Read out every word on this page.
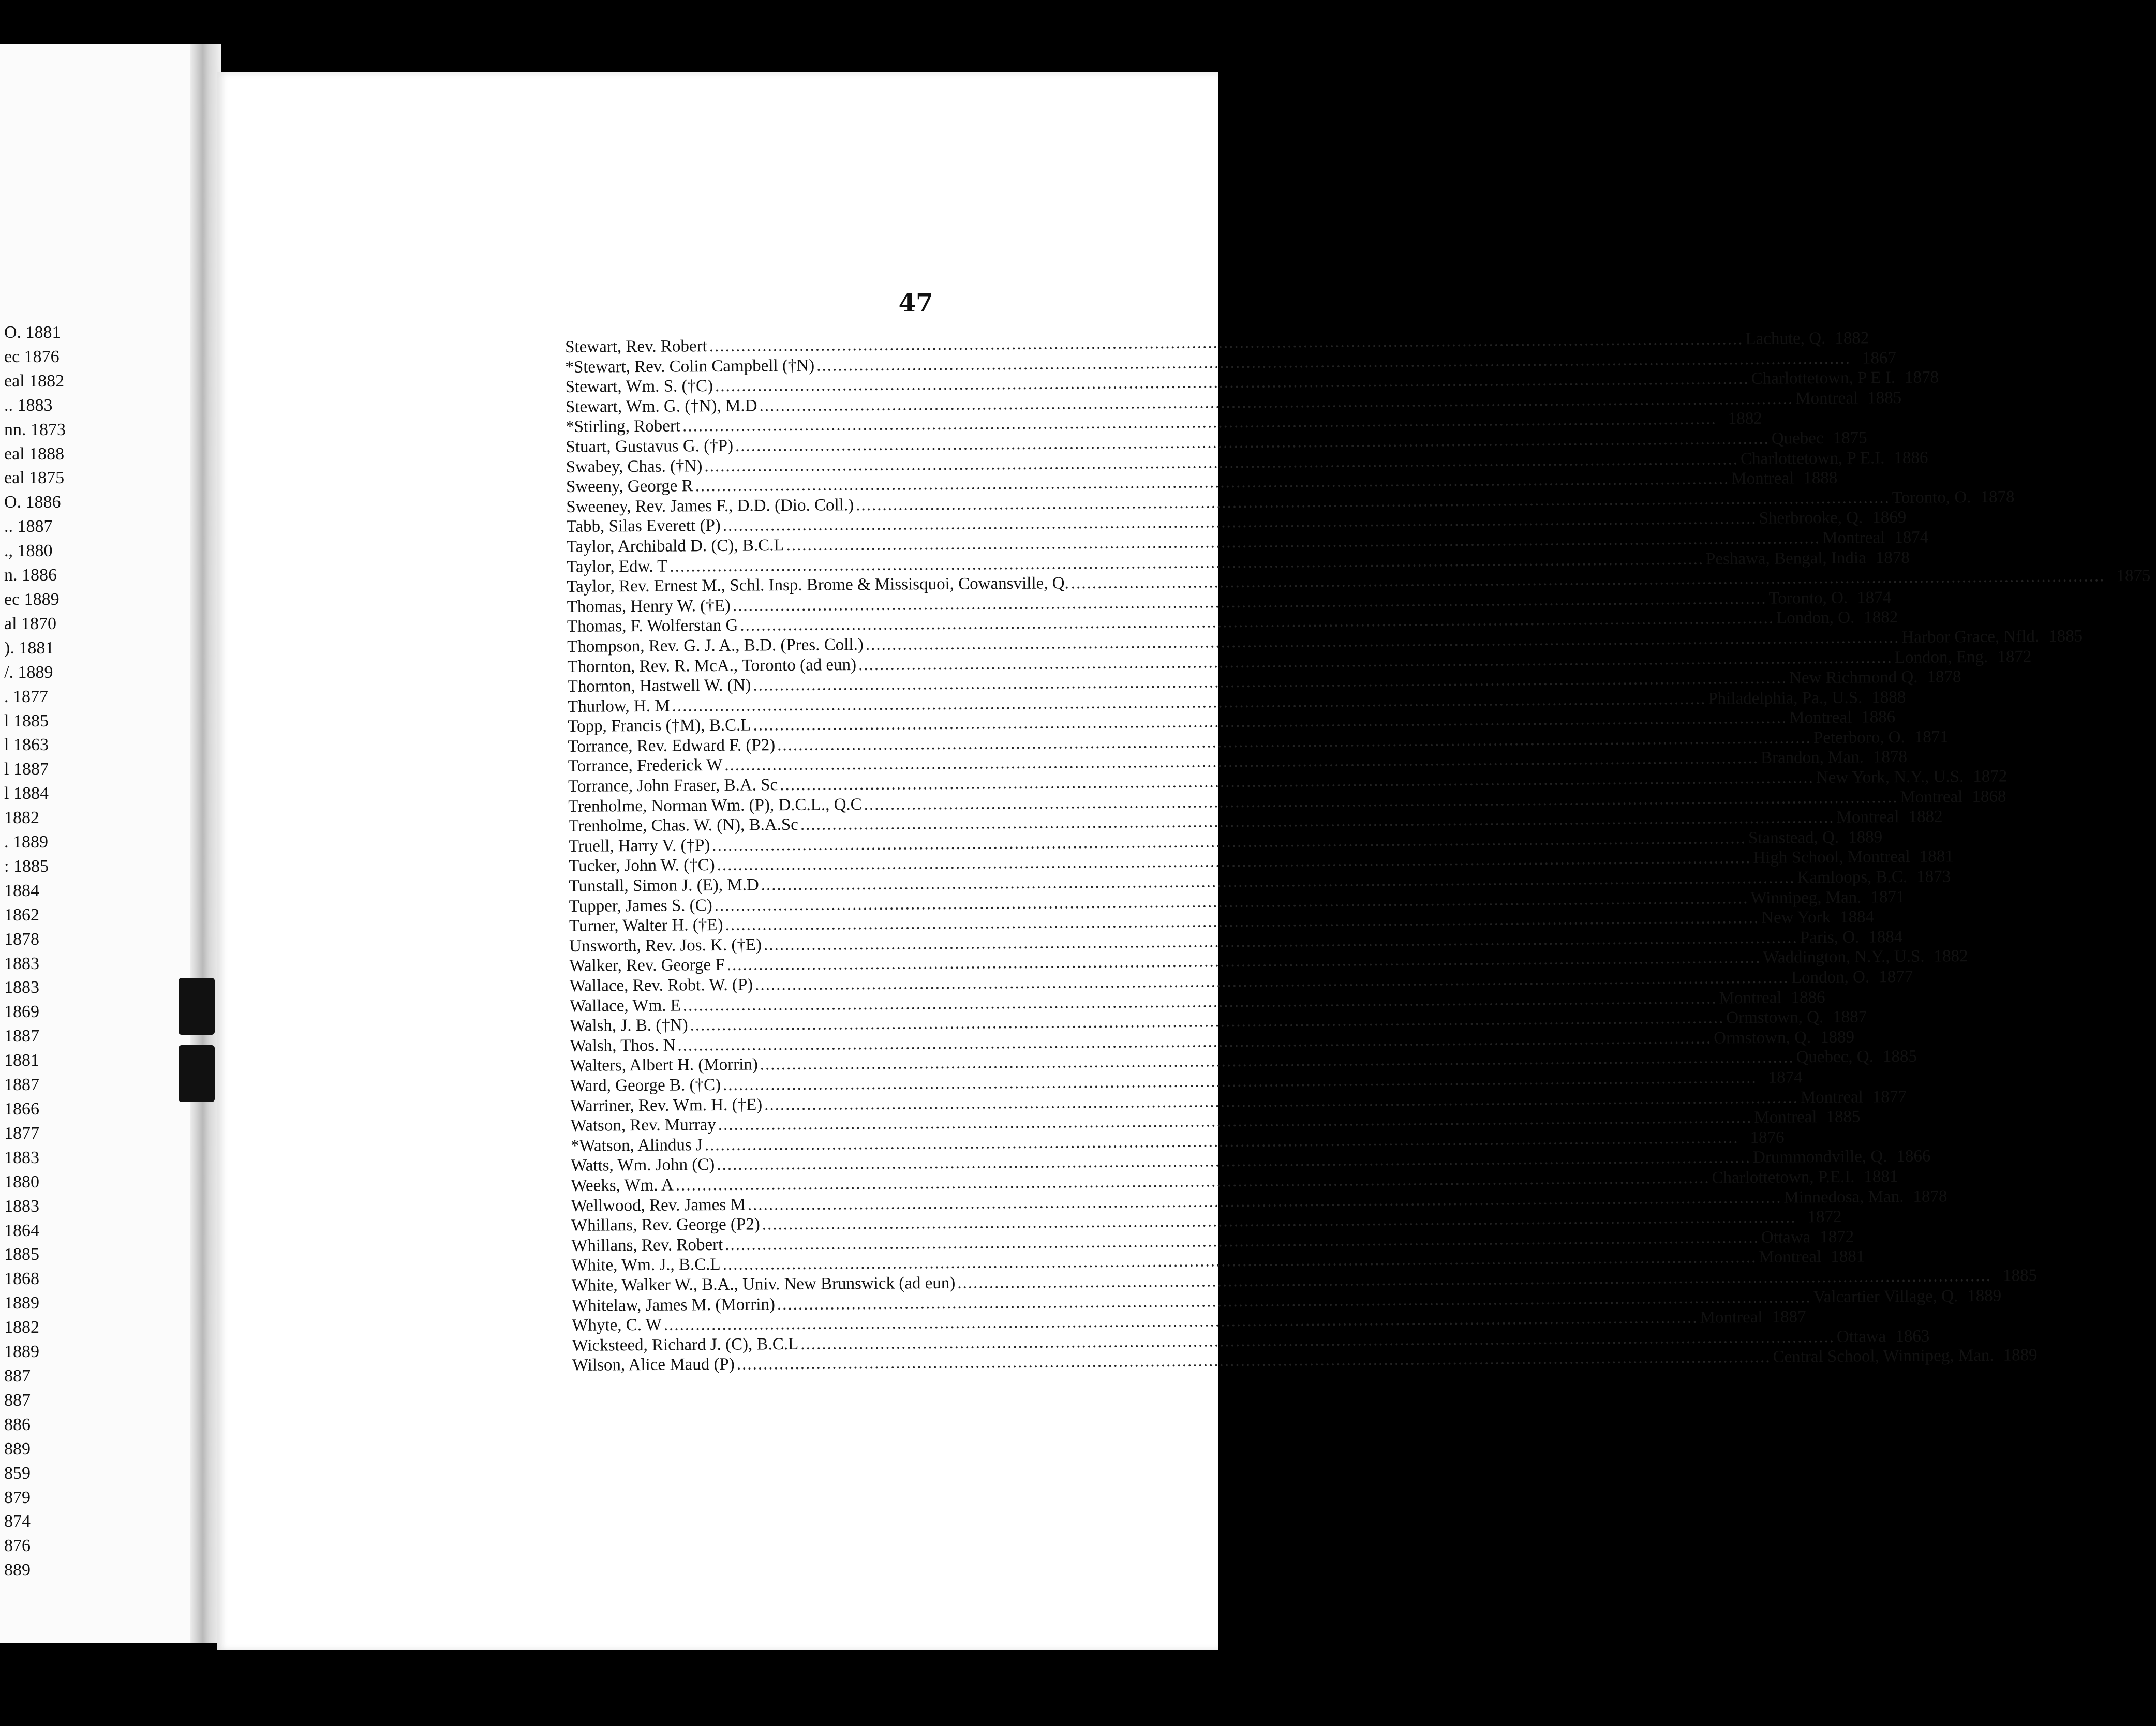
O. 1881
ec 1876
eal 1882
.. 1883
nn. 1873
eal 1888
eal 1875
O. 1886
.. 1887
., 1880
n. 1886
ec 1889
al 1870
). 1881
/. 1889
. 1877
l 1885
l 1863
l 1887
l 1884
1882
. 1889
: 1885
1884
1862
1878
1883
1883
1869
1887
1881
1887
1866
1877
1883
1880
1883
1864
1885
1868
1889
1882
1889
887
887
886
889
859
879
874
876
889
47
Stewart, Rev. Robert .....	Lachute, Q. 1882
*Stewart, Rev. Colin Campbell (†N) .....	1867
Stewart, Wm. S. (†C) .....	Charlottetown, P E I. 1878
Stewart, Wm. G. (†N), M.D .....	Montreal 1885
*Stirling, Robert .....	1882
Stuart, Gustavus G. (†P) .....	Quebec 1875
Swabey, Chas. (†N) .....	Charlottetown, P E.I. 1886
Sweeny, George R .....	Montreal 1888
Sweeney, Rev. James F., D.D. (Dio. Coll.) .....	Toronto, O. 1878
Tabb, Silas Everett (P) .....	Sherbrooke, Q. 1869
Taylor, Archibald D. (C), B.C.L .....	Montreal 1874
Taylor, Edw. T .....	Peshawa, Bengal, India 1878
Taylor, Rev. Ernest M., Schl. Insp. Brome & Missisquoi, Cowansville, Q. .....	1875
Thomas, Henry W. (†E) .....	Toronto, O. 1874
Thomas, F. Wolferstan G .....	London, O. 1882
Thompson, Rev. G. J. A., B.D. (Pres. Coll.) .....	Harbor Grace, Nfld. 1885
Thornton, Rev. R. McA., Toronto (ad eun) .....	London, Eng. 1872
Thornton, Hastwell W. (N) .....	New Richmond Q. 1878
Thurlow, H. M .....	Philadelphia, Pa., U.S. 1888
Topp, Francis (†M), B.C.L .....	Montreal 1886
Torrance, Rev. Edward F. (P2) .....	Peterboro, O. 1871
Torrance, Frederick W .....	Brandon, Man. 1878
Torrance, John Fraser, B.A. Sc .....	New York, N.Y., U.S. 1872
Trenholme, Norman Wm. (P), D.C.L., Q.C .....	Montreal 1868
Trenholme, Chas. W. (N), B.A.Sc .....	Montreal 1882
Truell, Harry V. (†P) .....	Stanstead, Q. 1889
Tucker, John W. (†C) .....	High School, Montreal 1881
Tunstall, Simon J. (E), M.D .....	Kamloops, B.C. 1873
Tupper, James S. (C) .....	Winnipeg, Man. 1871
Turner, Walter H. (†E) .....	New York 1884
Unsworth, Rev. Jos. K. (†E) .....	Paris, O. 1884
Walker, Rev. George F .....	Waddington, N.Y., U.S. 1882
Wallace, Rev. Robt. W. (P) .....	London, O. 1877
Wallace, Wm. E .....	Montreal 1886
Walsh, J. B. (†N) .....	Ormstown, Q. 1887
Walsh, Thos. N .....	Ormstown, Q. 1889
Walters, Albert H. (Morrin) .....	Quebec, Q. 1885
Ward, George B. (†C) .....	1874
Warriner, Rev. Wm. H. (†E) .....	Montreal 1877
Watson, Rev. Murray .....	Montreal 1885
*Watson, Alindus J .....	1876
Watts, Wm. John (C) .....	Drummondville, Q. 1866
Weeks, Wm. A .....	Charlottetown, P.E.I. 1881
Wellwood, Rev. James M .....	Minnedosa, Man. 1878
Whillans, Rev. George (P2) .....	1872
Whillans, Rev. Robert .....	Ottawa 1872
White, Wm. J., B.C.L .....	Montreal 1881
White, Walker W., B.A., Univ. New Brunswick (ad eun) .....	1885
Whitelaw, James M. (Morrin) .....	Valcartier Village, Q. 1889
Whyte, C. W .....	Montreal 1887
Wicksteed, Richard J. (C), B.C.L .....	Ottawa 1863
Wilson, Alice Maud (P) .....	Central School, Winnipeg, Man. 1889
